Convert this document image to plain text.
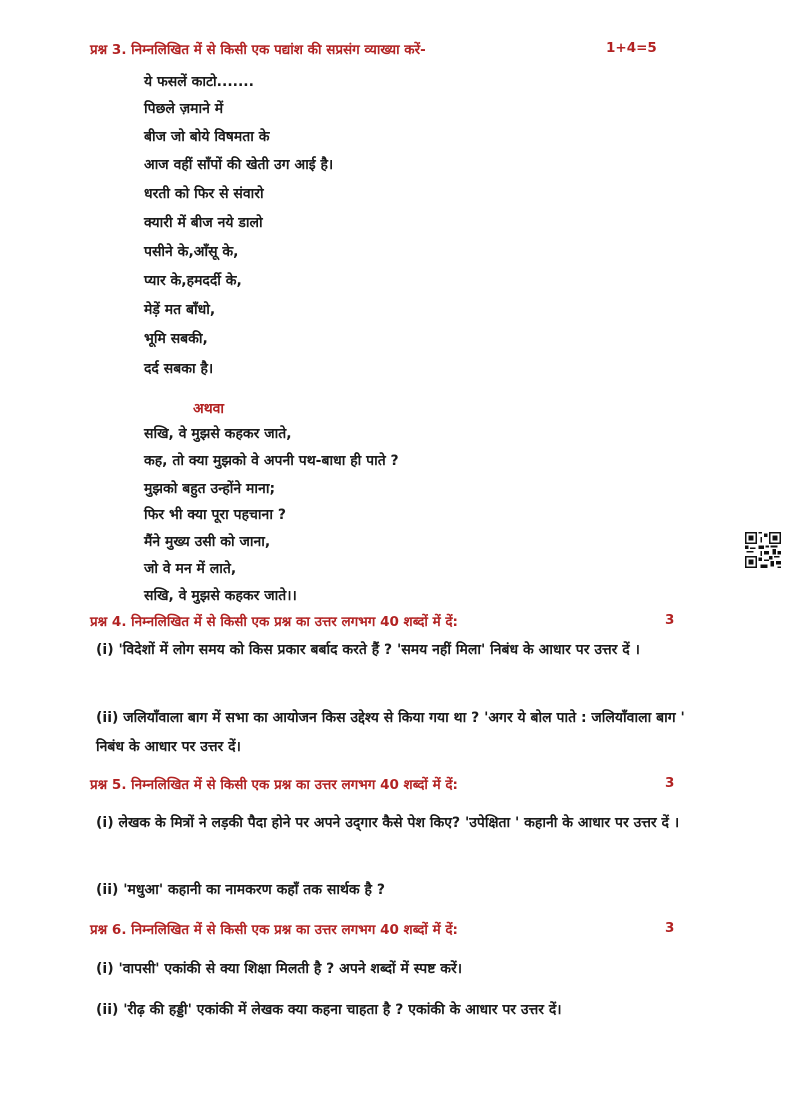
प्रश्न 3. निम्नलिखित में से किसी एक पद्यांश की सप्रसंग व्याख्या करें-	1+4=5
ये फसलें काटो.......
पिछले ज़माने में
बीज जो बोये विषमता के
आज वहीं साँपों की खेती उग आई है।
धरती को फिर से संवारो
क्यारी में बीज नये डालो
पसीने के,आँसू के,
प्यार के,हमदर्दी के,
मेड़ें मत बाँधो,
भूमि सबकी,
दर्द सबका है।
अथवा
सखि, वे मुझसे कहकर जाते,
कह, तो क्या मुझको वे अपनी पथ-बाधा ही पाते ?
मुझको बहुत उन्होंने माना;
फिर भी क्या पूरा पहचाना ?
मैंने मुख्य उसी को जाना,
जो वे मन में लाते,
सखि, वे मुझसे कहकर जाते।।
प्रश्न 4. निम्नलिखित में से किसी एक प्रश्न का उत्तर लगभग 40 शब्दों में दें:	3
(i) 'विदेशों में लोग समय को किस प्रकार बर्बाद करते हैं ? 'समय नहीं मिला' निबंध के आधार पर उत्तर दें ।
(ii) जलियाँवाला बाग में सभा का आयोजन किस उद्देश्य से किया गया था ? 'अगर ये बोल पाते : जलियाँवाला बाग ' निबंध के आधार पर उत्तर दें।
प्रश्न 5. निम्नलिखित में से किसी एक प्रश्न का उत्तर लगभग 40 शब्दों में दें:	3
(i) लेखक के मित्रों ने लड़की पैदा होने पर अपने उद्‌गार कैसे पेश किए? 'उपेक्षिता ' कहानी के आधार पर उत्तर दें ।
(ii) 'मधुआ' कहानी का नामकरण कहाँ तक सार्थक है ?
प्रश्न 6. निम्नलिखित में से किसी एक प्रश्न का उत्तर लगभग 40 शब्दों में दें:	3
(i) 'वापसी' एकांकी से क्या शिक्षा मिलती है ? अपने शब्दों में स्पष्ट करें।
(ii) 'रीढ़ की हड्डी' एकांकी में लेखक क्या कहना चाहता है ? एकांकी के आधार पर उत्तर दें।
